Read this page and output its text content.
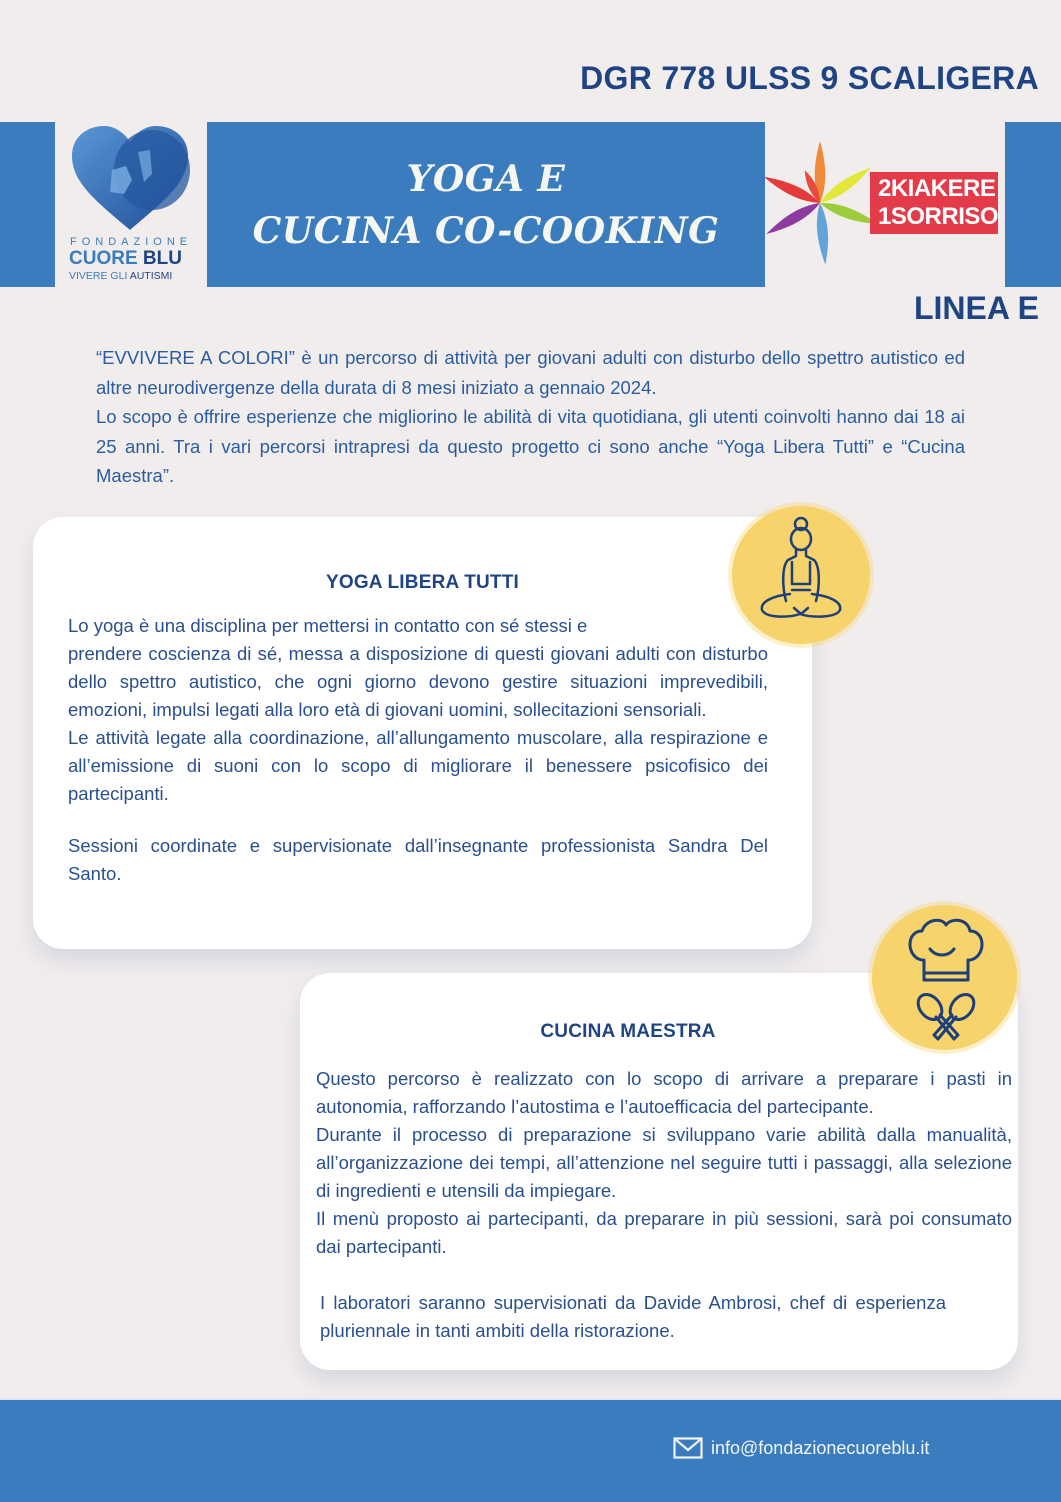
DGR 778 ULSS 9 SCALIGERA
FONDAZIONE
CUORE BLU
VIVERE GLI AUTISMI
YOGA E
CUCINA CO-COOKING
2KIAKERE
1SORRISO
LINEA E

“EVVIVERE A COLORI” è un percorso di attività per giovani adulti con disturbo dello spettro autistico ed altre neurodivergenze della durata di 8 mesi iniziato a gennaio 2024.

Lo scopo è offrire esperienze che migliorino le abilità di vita quotidiana, gli utenti coinvolti hanno dai 18 ai 25 anni. Tra i vari percorsi intrapresi da questo progetto ci sono anche “Yoga Libera Tutti” e “Cucina Maestra”.

YOGA LIBERA TUTTI

Lo yoga è una disciplina per mettersi in contatto con sé stessi e

prendere coscienza di sé, messa a disposizione di questi giovani adulti con disturbo dello spettro autistico, che ogni giorno devono gestire situazioni imprevedibili, emozioni, impulsi legati alla loro età di giovani uomini, sollecitazioni sensoriali.

Le attività legate alla coordinazione, all’allungamento muscolare, alla respirazione e all’emissione di suoni con lo scopo di migliorare il benessere psicofisico dei partecipanti.

Sessioni coordinate e supervisionate dall’insegnante professionista Sandra Del Santo.

CUCINA MAESTRA

Questo percorso è realizzato con lo scopo di arrivare a preparare i pasti in autonomia, rafforzando l’autostima e l’autoefficacia del partecipante.

Durante il processo di preparazione si sviluppano varie abilità dalla manualità, all’organizzazione dei tempi, all’attenzione nel seguire tutti i passaggi, alla selezione di ingredienti e utensili da impiegare.

Il menù proposto ai partecipanti, da preparare in più sessioni, sarà poi consumato dai partecipanti.

I laboratori saranno supervisionati da Davide Ambrosi, chef di esperienza pluriennale in tanti ambiti della ristorazione.

info@fondazionecuoreblu.it
